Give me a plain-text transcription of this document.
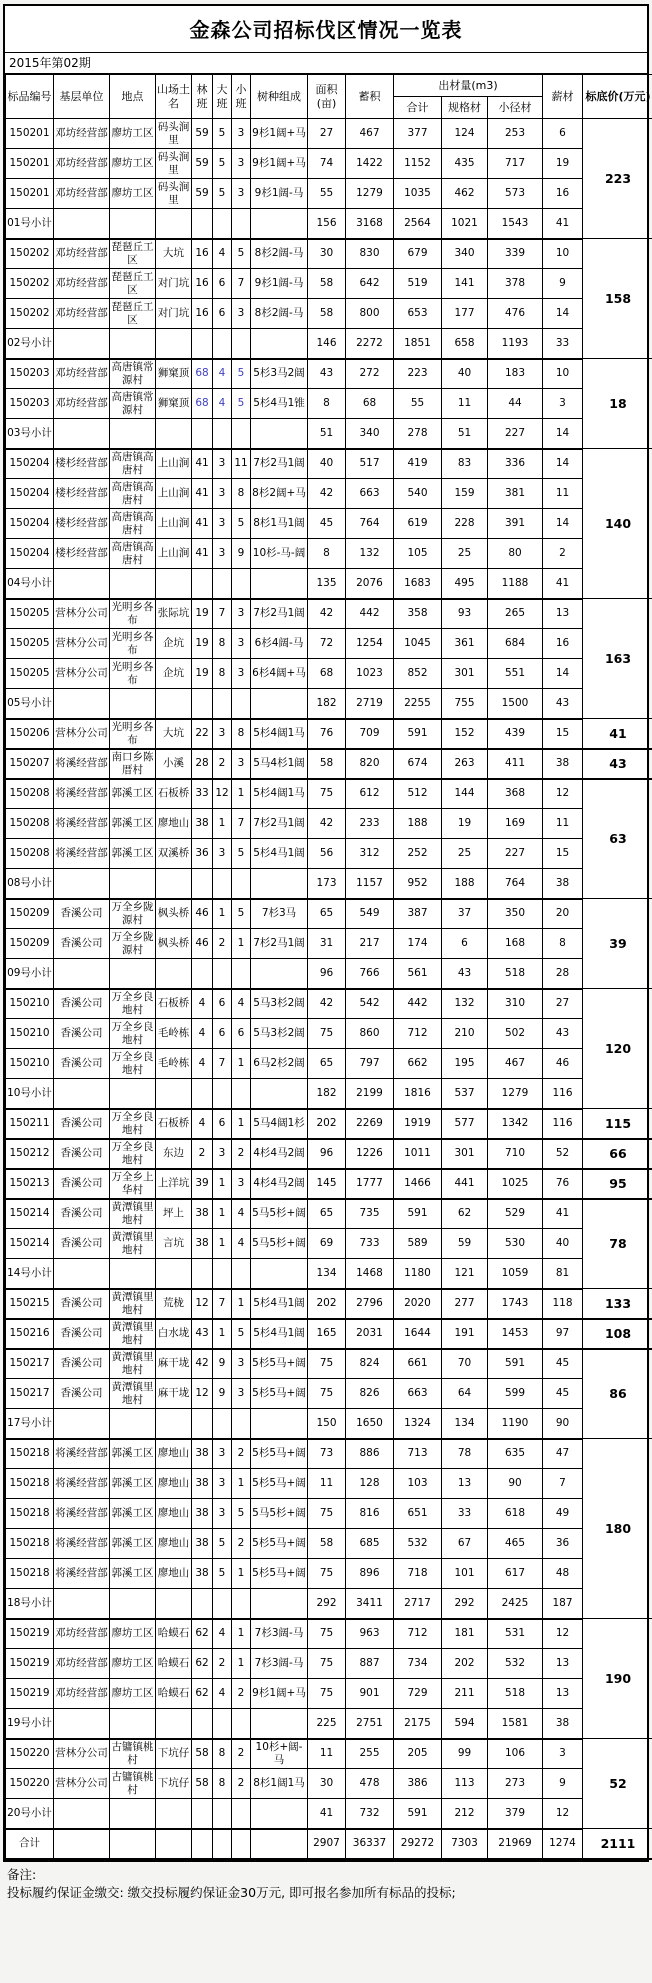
金森公司招标伐区情况一览表
2015年第02期
标品编号	基层单位	地点	山场土名	林班	大班	小班	树种组成	面积(亩)	蓄积	出材量(m3)			薪材	标底价(万元)
										合计	规格材	小径材		
150201	邓坊经营部	廖坊工区	码头涧里	59	5	3	9杉1阔+马	27	467	377	124	253	6	223
150201	邓坊经营部	廖坊工区	码头涧里	59	5	3	9杉1阔+马	74	1422	1152	435	717	19	
150201	邓坊经营部	廖坊工区	码头涧里	59	5	3	9杉1阔-马	55	1279	1035	462	573	16	
01号小计								156	3168	2564	1021	1543	41	
150202	邓坊经营部	琵琶丘工区	大坑	16	4	5	8杉2阔-马	30	830	679	340	339	10	158
150202	邓坊经营部	琵琶丘工区	对门坑	16	6	7	9杉1阔-马	58	642	519	141	378	9	
150202	邓坊经营部	琵琶丘工区	对门坑	16	6	3	8杉2阔-马	58	800	653	177	476	14	
02号小计								146	2272	1851	658	1193	33	
150203	邓坊经营部	高唐镇常源村	狮窠顶	68	4	5	5杉3马2阔	43	272	223	40	183	10	18
150203	邓坊经营部	高唐镇常源村	狮窠顶	68	4	5	5杉4马1锥	8	68	55	11	44	3	
03号小计								51	340	278	51	227	14	
150204	楼杉经营部	高唐镇高唐村	上山涧	41	3	11	7杉2马1阔	40	517	419	83	336	14	140
150204	楼杉经营部	高唐镇高唐村	上山涧	41	3	8	8杉2阔+马	42	663	540	159	381	11	
150204	楼杉经营部	高唐镇高唐村	上山涧	41	3	5	8杉1马1阔	45	764	619	228	391	14	
150204	楼杉经营部	高唐镇高唐村	上山涧	41	3	9	10杉-马-阔	8	132	105	25	80	2	
04号小计								135	2076	1683	495	1188	41	
150205	营林分公司	光明乡各布	张际坑	19	7	3	7杉2马1阔	42	442	358	93	265	13	163
150205	营林分公司	光明乡各布	企坑	19	8	3	6杉4阔-马	72	1254	1045	361	684	16	
150205	营林分公司	光明乡各布	企坑	19	8	3	6杉4阔+马	68	1023	852	301	551	14	
05号小计								182	2719	2255	755	1500	43	
150206	营林分公司	光明乡各布	大坑	22	3	8	5杉4阔1马	76	709	591	152	439	15	41
150207	将溪经营部	南口乡陈厝村	小溪	28	2	3	5马4杉1阔	58	820	674	263	411	38	43
150208	将溪经营部	郭溪工区	石板桥	33	12	1	5杉4阔1马	75	612	512	144	368	12	63
150208	将溪经营部	郭溪工区	廖地山	38	1	7	7杉2马1阔	42	233	188	19	169	11	
150208	将溪经营部	郭溪工区	双溪桥	36	3	5	5杉4马1阔	56	312	252	25	227	15	
08号小计								173	1157	952	188	764	38	
150209	香溪公司	万全乡陇源村	枫头桥	46	1	5	7杉3马	65	549	387	37	350	20	39
150209	香溪公司	万全乡陇源村	枫头桥	46	2	1	7杉2马1阔	31	217	174	6	168	8	
09号小计								96	766	561	43	518	28	
150210	香溪公司	万全乡良地村	石板桥	4	6	4	5马3杉2阔	42	542	442	132	310	27	120
150210	香溪公司	万全乡良地村	毛岭栋	4	6	6	5马3杉2阔	75	860	712	210	502	43	
150210	香溪公司	万全乡良地村	毛岭栋	4	7	1	6马2杉2阔	65	797	662	195	467	46	
10号小计								182	2199	1816	537	1279	116	
150211	香溪公司	万全乡良地村	石板桥	4	6	1	5马4阔1杉	202	2269	1919	577	1342	116	115
150212	香溪公司	万全乡良地村	东边	2	3	2	4杉4马2阔	96	1226	1011	301	710	52	66
150213	香溪公司	万全乡上华村	上洋坑	39	1	3	4杉4马2阔	145	1777	1466	441	1025	76	95
150214	香溪公司	黄潭镇里地村	坪上	38	1	4	5马5杉+阔	65	735	591	62	529	41	78
150214	香溪公司	黄潭镇里地村	言坑	38	1	4	5马5杉+阔	69	733	589	59	530	40	
14号小计								134	1468	1180	121	1059	81	
150215	香溪公司	黄潭镇里地村	荒栊	12	7	1	5杉4马1阔	202	2796	2020	277	1743	118	133
150216	香溪公司	黄潭镇里地村	白水垅	43	1	5	5杉4马1阔	165	2031	1644	191	1453	97	108
150217	香溪公司	黄潭镇里地村	麻干垅	42	9	3	5杉5马+阔	75	824	661	70	591	45	86
150217	香溪公司	黄潭镇里地村	麻干垅	12	9	3	5杉5马+阔	75	826	663	64	599	45	
17号小计								150	1650	1324	134	1190	90	
150218	将溪经营部	郭溪工区	廖地山	38	3	2	5杉5马+阔	73	886	713	78	635	47	180
150218	将溪经营部	郭溪工区	廖地山	38	3	1	5杉5马+阔	11	128	103	13	90	7	
150218	将溪经营部	郭溪工区	廖地山	38	3	5	5马5杉+阔	75	816	651	33	618	49	
150218	将溪经营部	郭溪工区	廖地山	38	5	2	5杉5马+阔	58	685	532	67	465	36	
150218	将溪经营部	郭溪工区	廖地山	38	5	1	5杉5马+阔	75	896	718	101	617	48	
18号小计								292	3411	2717	292	2425	187	
150219	邓坊经营部	廖坊工区	哈蟆石	62	4	1	7杉3阔-马	75	963	712	181	531	12	190
150219	邓坊经营部	廖坊工区	哈蟆石	62	2	1	7杉3阔-马	75	887	734	202	532	13	
150219	邓坊经营部	廖坊工区	哈蟆石	62	4	2	9杉1阔+马	75	901	729	211	518	13	
19号小计								225	2751	2175	594	1581	38	
150220	营林分公司	古镛镇桃村	下坑仔	58	8	2	10杉+阔-马	11	255	205	99	106	3	52
150220	营林分公司	古镛镇桃村	下坑仔	58	8	2	8杉1阔1马	30	478	386	113	273	9	
20号小计								41	732	591	212	379	12	
合计								2907	36337	29272	7303	21969	1274	2111
备注:
投标履约保证金缴交: 缴交投标履约保证金30万元, 即可报名参加所有标品的投标;
